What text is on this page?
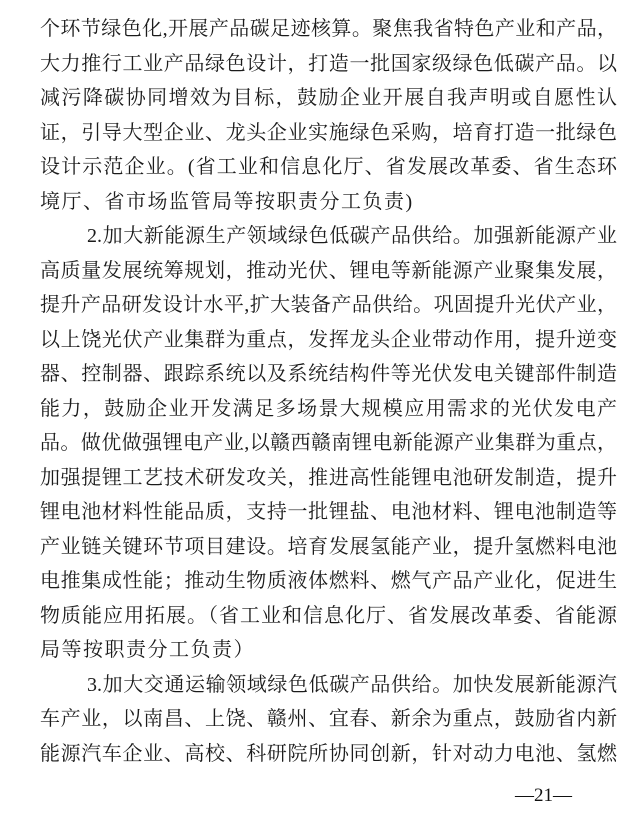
个环节绿色化,开展产品碳足迹核算。聚焦我省特色产业和产品，
大力推行工业产品绿色设计，打造一批国家级绿色低碳产品。以
减污降碳协同增效为目标，鼓励企业开展自我声明或自愿性认
证，引导大型企业、龙头企业实施绿色采购，培育打造一批绿色
设计示范企业。(省工业和信息化厅、省发展改革委、省生态环
境厅、省市场监管局等按职责分工负责)
2.加大新能源生产领域绿色低碳产品供给。加强新能源产业
高质量发展统筹规划，推动光伏、锂电等新能源产业聚集发展，
提升产品研发设计水平,扩大装备产品供给。巩固提升光伏产业，
以上饶光伏产业集群为重点，发挥龙头企业带动作用，提升逆变
器、控制器、跟踪系统以及系统结构件等光伏发电关键部件制造
能力，鼓励企业开发满足多场景大规模应用需求的光伏发电产
品。做优做强锂电产业,以赣西赣南锂电新能源产业集群为重点，
加强提锂工艺技术研发攻关，推进高性能锂电池研发制造，提升
锂电池材料性能品质，支持一批锂盐、电池材料、锂电池制造等
产业链关键环节项目建设。培育发展氢能产业，提升氢燃料电池
电推集成性能；推动生物质液体燃料、燃气产品产业化，促进生
物质能应用拓展。（省工业和信息化厅、省发展改革委、省能源
局等按职责分工负责）
3.加大交通运输领域绿色低碳产品供给。加快发展新能源汽
车产业，以南昌、上饶、赣州、宜春、新余为重点，鼓励省内新
能源汽车企业、高校、科研院所协同创新，针对动力电池、氢燃
—21—
